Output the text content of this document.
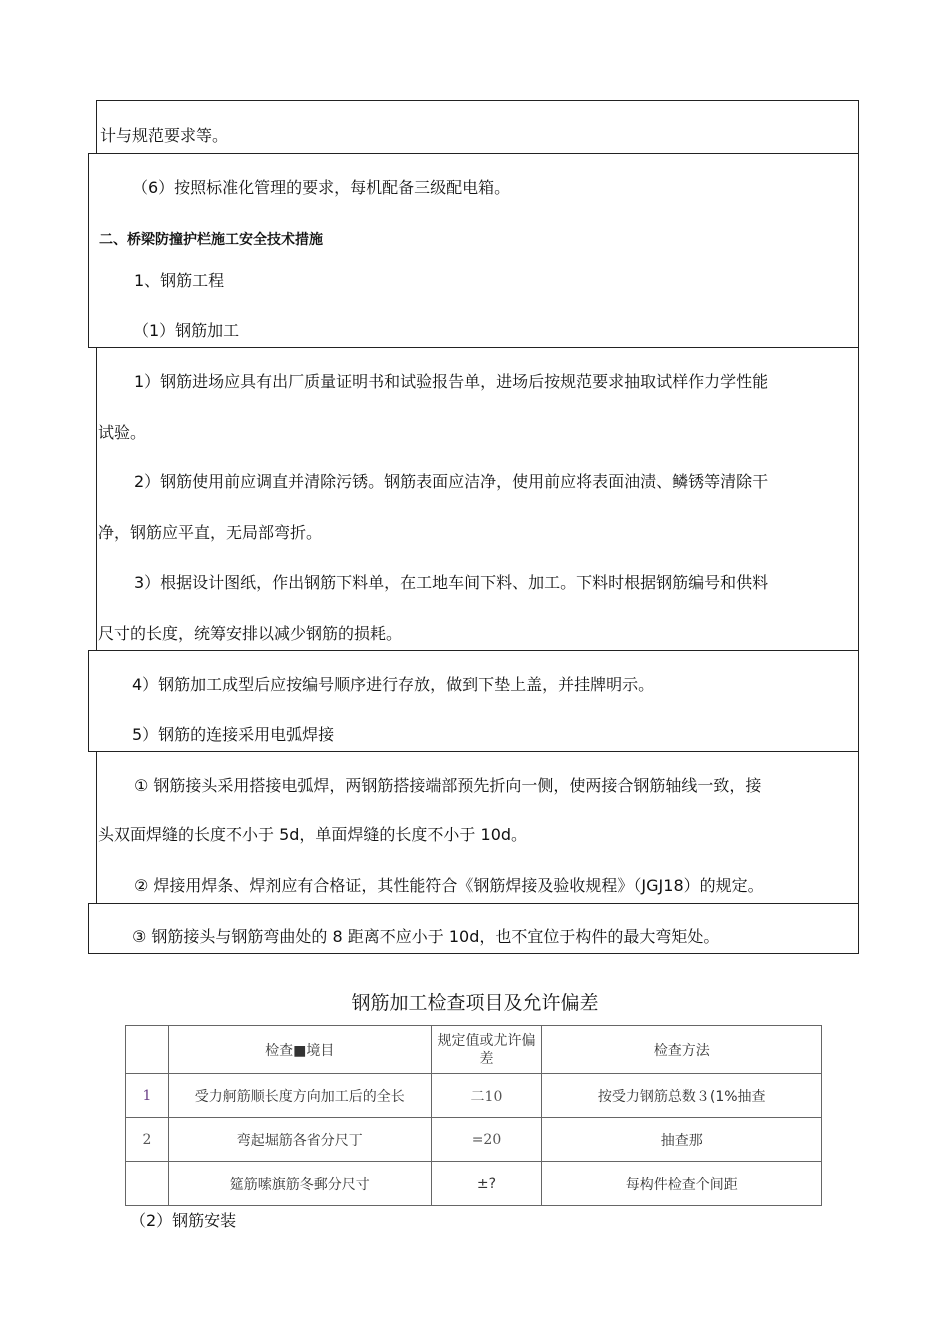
计与规范要求等。
（6）按照标准化管理的要求，每机配备三级配电箱。
二、桥梁防撞护栏施工安全技术措施
1、钢筋工程
（1）钢筋加工
1）钢筋进场应具有出厂质量证明书和试验报告单，进场后按规范要求抽取试样作力学性能
试验。
2）钢筋使用前应调直并清除污锈。钢筋表面应洁净，使用前应将表面油渍、鳞锈等清除干
净，钢筋应平直，无局部弯折。
3）根据设计图纸，作出钢筋下料单，在工地车间下料、加工。下料时根据钢筋编号和供料
尺寸的长度，统筹安排以减少钢筋的损耗。
4）钢筋加工成型后应按编号顺序进行存放，做到下垫上盖，并挂牌明示。
5）钢筋的连接采用电弧焊接
① 钢筋接头采用搭接电弧焊，两钢筋搭接端部预先折向一侧，使两接合钢筋轴线一致，接
头双面焊缝的长度不小于 5d，单面焊缝的长度不小于 10d。
② 焊接用焊条、焊剂应有合格证，其性能符合《钢筋焊接及验收规程》（JGJ18）的规定。
③ 钢筋接头与钢筋弯曲处的 8 距离不应小于 10d，也不宜位于构件的最大弯矩处。
钢筋加工检查项目及允许偏差
	检查■境目	规定值或尤许偏差	检查方法
1	受力舸筋顺长度方向加工后的全长	二10	按受力钢筋总数３(1%抽查
2	弯起堀筋各省分尺丁	=20	抽查那
	筵筋嗦旗筋冬郵分尺寸	±?	每构件检查个间距
（2）钢筋安装
